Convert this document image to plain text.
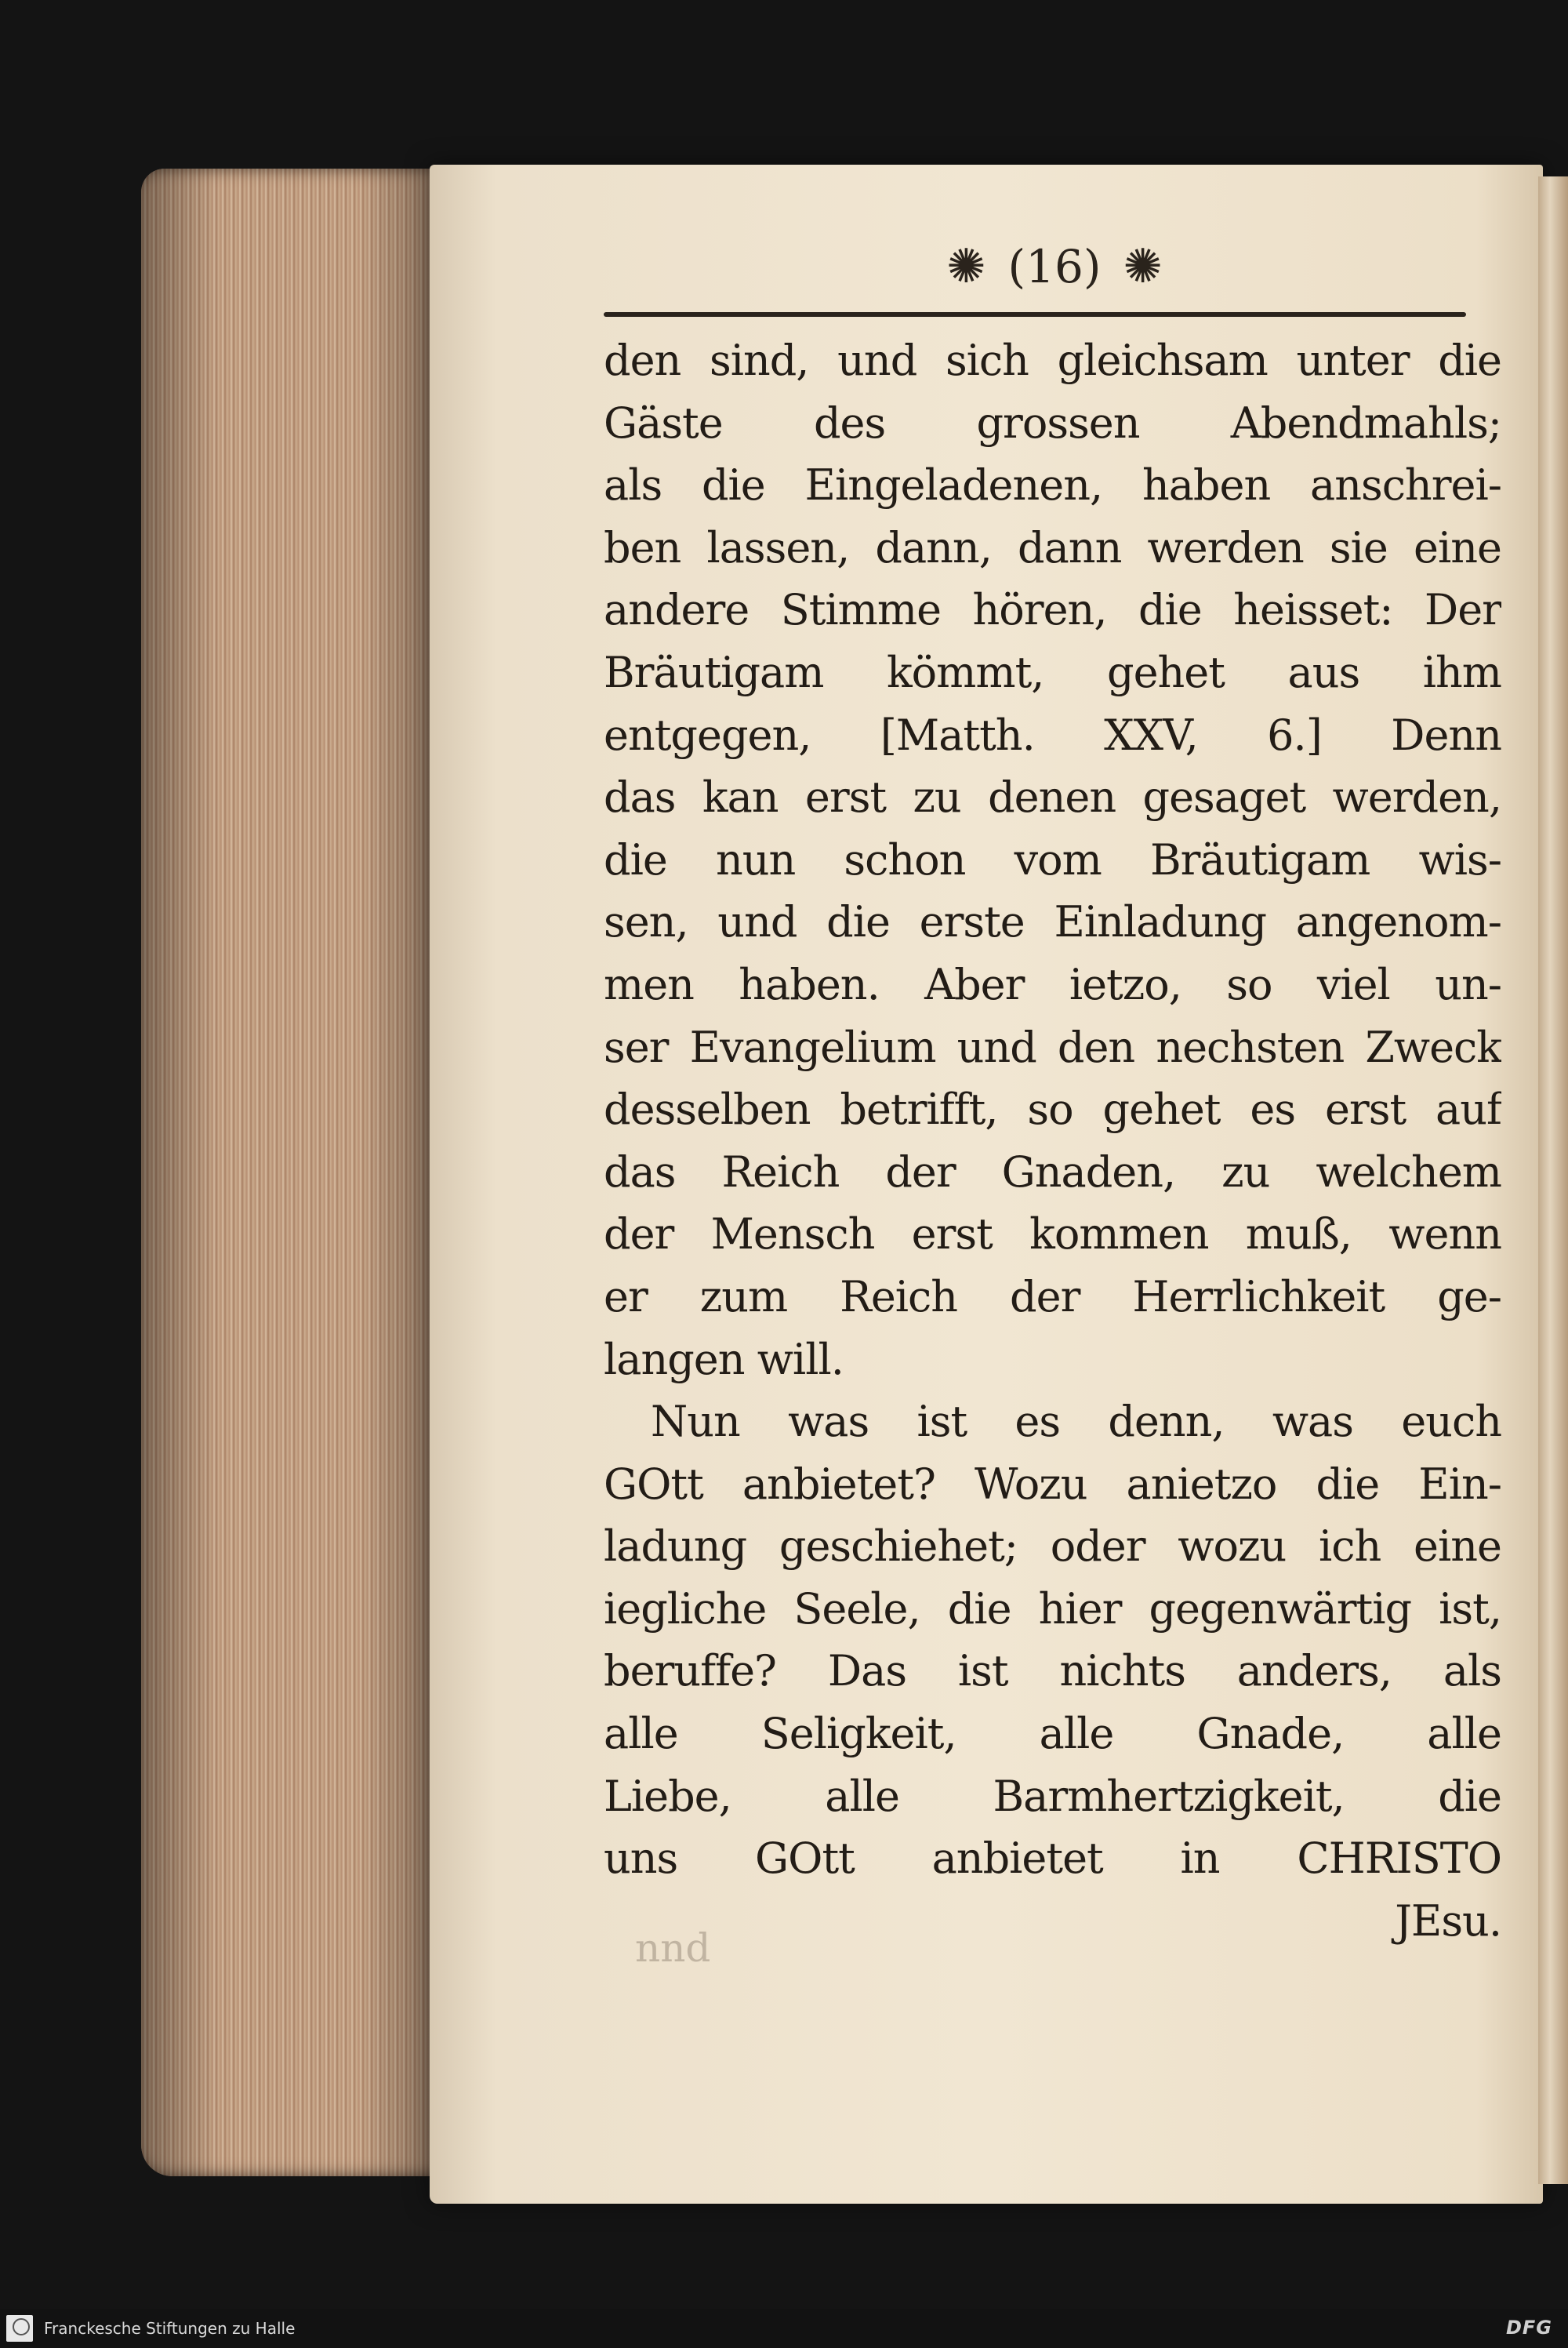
✺ (16) ✺
den sind, und sich gleichsam unter die
Gäste des grossen Abendmahls;
als die Eingeladenen, haben anschrei-
ben lassen, dann, dann werden sie eine
andere Stimme hören, die heisset: Der
Bräutigam kömmt, gehet aus ihm
entgegen, [Matth. XXV, 6.] Denn
das kan erst zu denen gesaget werden,
die nun schon vom Bräutigam wis-
sen, und die erste Einladung angenom-
men haben. Aber ietzo, so viel un-
ser Evangelium und den nechsten Zweck
desselben betrifft, so gehet es erst auf
das Reich der Gnaden, zu welchem
der Mensch erst kommen muß, wenn
er zum Reich der Herrlichkeit ge-
langen will.
Nun was ist es denn, was euch
GOtt anbietet? Wozu anietzo die Ein-
ladung geschiehet; oder wozu ich eine
iegliche Seele, die hier gegenwärtig ist,
beruffe? Das ist nichts anders, als
alle Seligkeit, alle Gnade, alle
Liebe, alle Barmhertzigkeit, die
uns GOtt anbietet in CHRISTO
JEsu.
nnd
Franckesche Stiftungen zu Halle	DFG
